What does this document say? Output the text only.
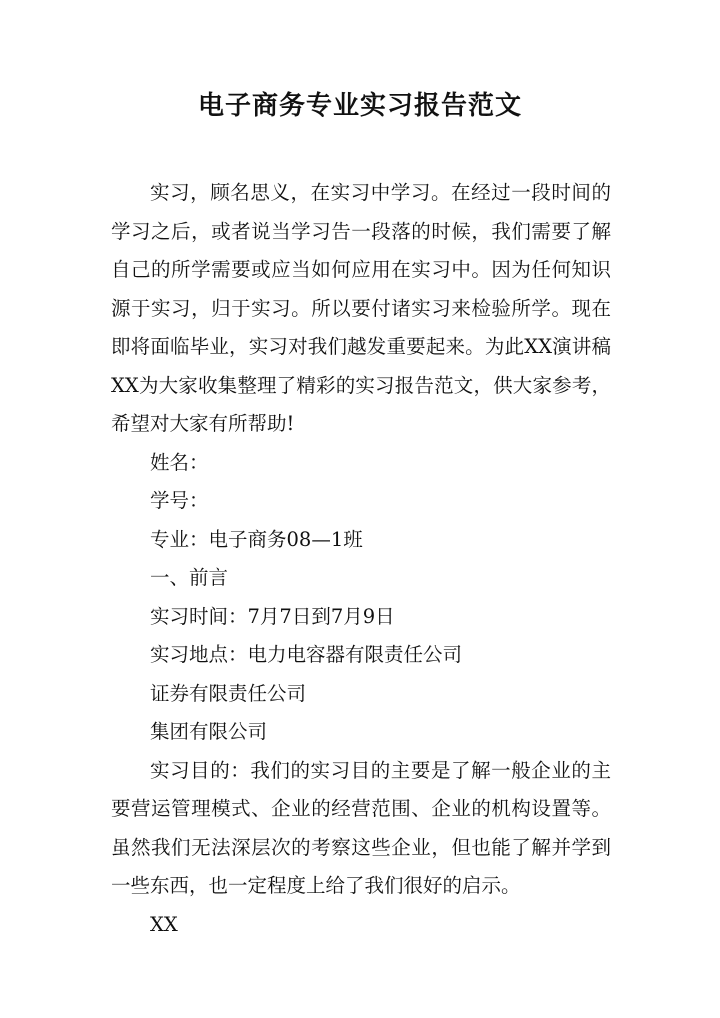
电子商务专业实习报告范文

实习，顾名思义，在实习中学习。在经过一段时间的学习之后，或者说当学习告一段落的时候，我们需要了解自己的所学需要或应当如何应用在实习中。因为任何知识源于实习，归于实习。所以要付诸实习来检验所学。现在即将面临毕业，实习对我们越发重要起来。为此XX演讲稿XX为大家收集整理了精彩的实习报告范文，供大家参考，希望对大家有所帮助!

姓名：

学号：

专业：电子商务08—1班

一、前言

实习时间：7月7日到7月9日

实习地点：电力电容器有限责任公司

证券有限责任公司

集团有限公司

实习目的：我们的实习目的主要是了解一般企业的主要营运管理模式、企业的经营范围、企业的机构设置等。虽然我们无法深层次的考察这些企业，但也能了解并学到一些东西，也一定程度上给了我们很好的启示。

XX
